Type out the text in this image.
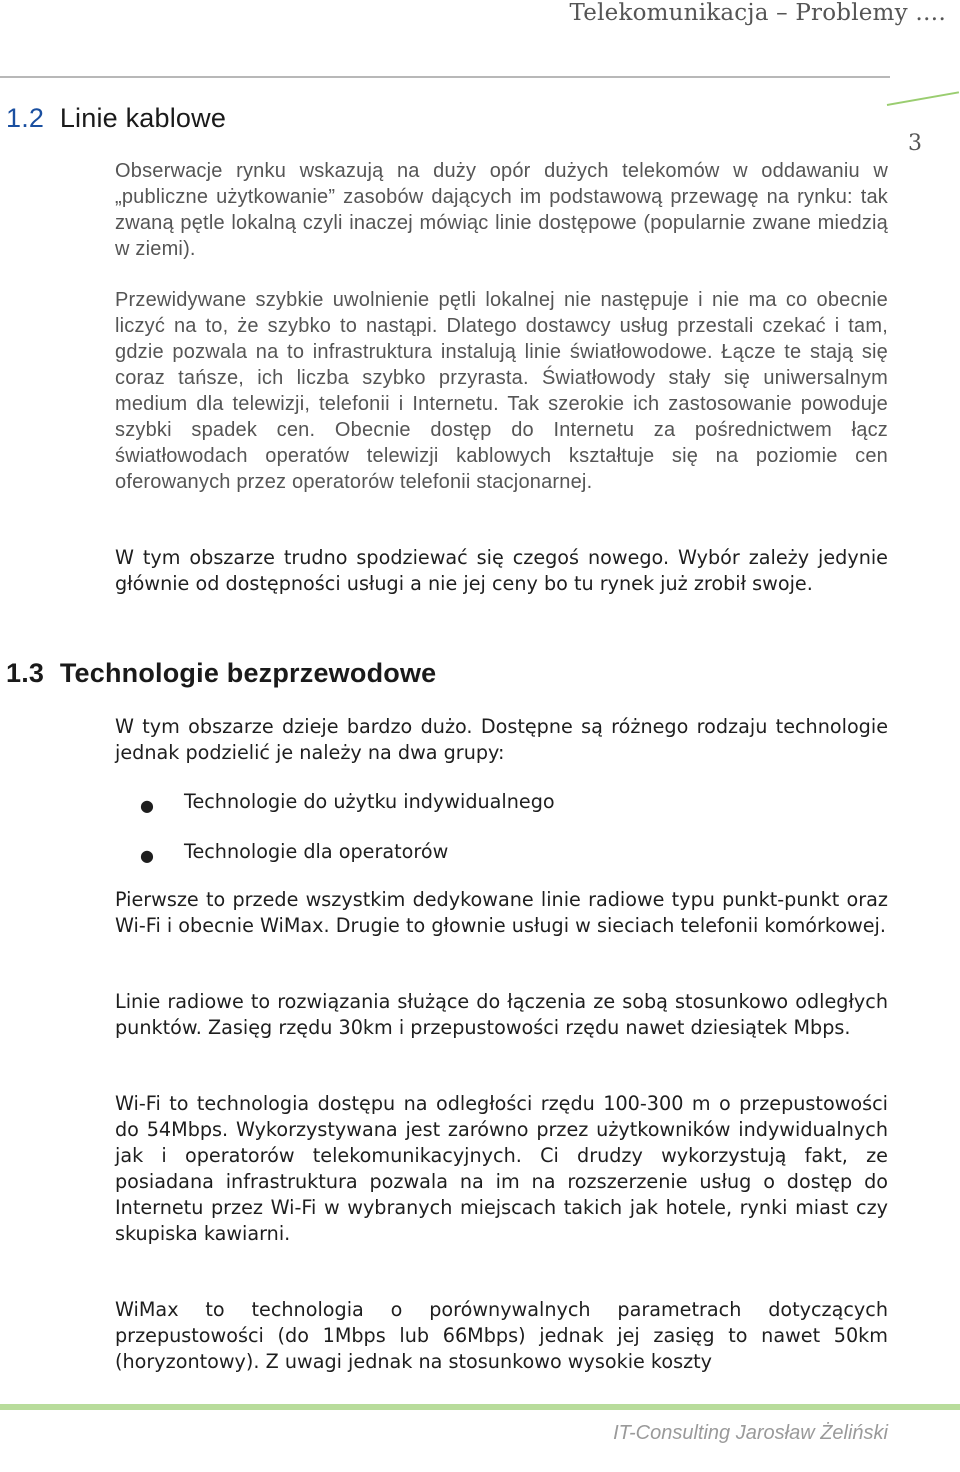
Telekomunikacja – Problemy ….
3
1.2 Linie kablowe
Obserwacje rynku wskazują na duży opór dużych telekomów w oddawaniu w „publiczne użytkowanie” zasobów dających im podstawową przewagę na rynku: tak zwaną pętle lokalną czyli inaczej mówiąc linie dostępowe (popularnie zwane miedzią w ziemi).
Przewidywane szybkie uwolnienie pętli lokalnej nie następuje i nie ma co obecnie liczyć na to, że szybko to nastąpi. Dlatego dostawcy usług przestali czekać i tam, gdzie pozwala na to infrastruktura instalują linie światłowodowe. Łącze te stają się coraz tańsze, ich liczba szybko przyrasta. Światłowody stały się uniwersalnym medium dla telewizji, telefonii i Internetu. Tak szerokie ich zastosowanie powoduje szybki spadek cen. Obecnie dostęp do Internetu za pośrednictwem łącz światłowodach operatów telewizji kablowych kształtuje się na poziomie cen oferowanych przez operatorów telefonii stacjonarnej.
1.3 Technologie bezprzewodowe
W tym obszarze trudno spodziewać się czegoś nowego. Wybór zależy jedynie głównie od dostępności usługi a nie jej ceny bo tu rynek już zrobił swoje.
W tym obszarze dzieje bardzo dużo. Dostępne są różnego rodzaju technologie jednak podzielić je należy na dwa grupy:
● Technologie do użytku indywidualnego
● Technologie dla operatorów
Pierwsze to przede wszystkim dedykowane linie radiowe typu punkt-punkt oraz Wi-Fi i obecnie WiMax. Drugie to głownie usługi w sieciach telefonii komórkowej.
Linie radiowe to rozwiązania służące do łączenia ze sobą stosunkowo odległych punktów. Zasięg rzędu 30km i przepustowości rzędu nawet dziesiątek Mbps.
Wi-Fi to technologia dostępu na odległości rzędu 100-300 m o przepustowości do 54Mbps. Wykorzystywana jest zarówno przez użytkowników indywidualnych jak i operatorów telekomunikacyjnych. Ci drudzy wykorzystują fakt, ze posiadana infrastruktura pozwala na im na rozszerzenie usług o dostęp do Internetu przez Wi-Fi w wybranych miejscach takich jak hotele, rynki miast czy skupiska kawiarni.
WiMax to technologia o porównywalnych parametrach dotyczących przepustowości (do 1Mbps lub 66Mbps) jednak jej zasięg to nawet 50km (horyzontowy). Z uwagi jednak na stosunkowo wysokie koszty
IT-Consulting Jarosław Żeliński
